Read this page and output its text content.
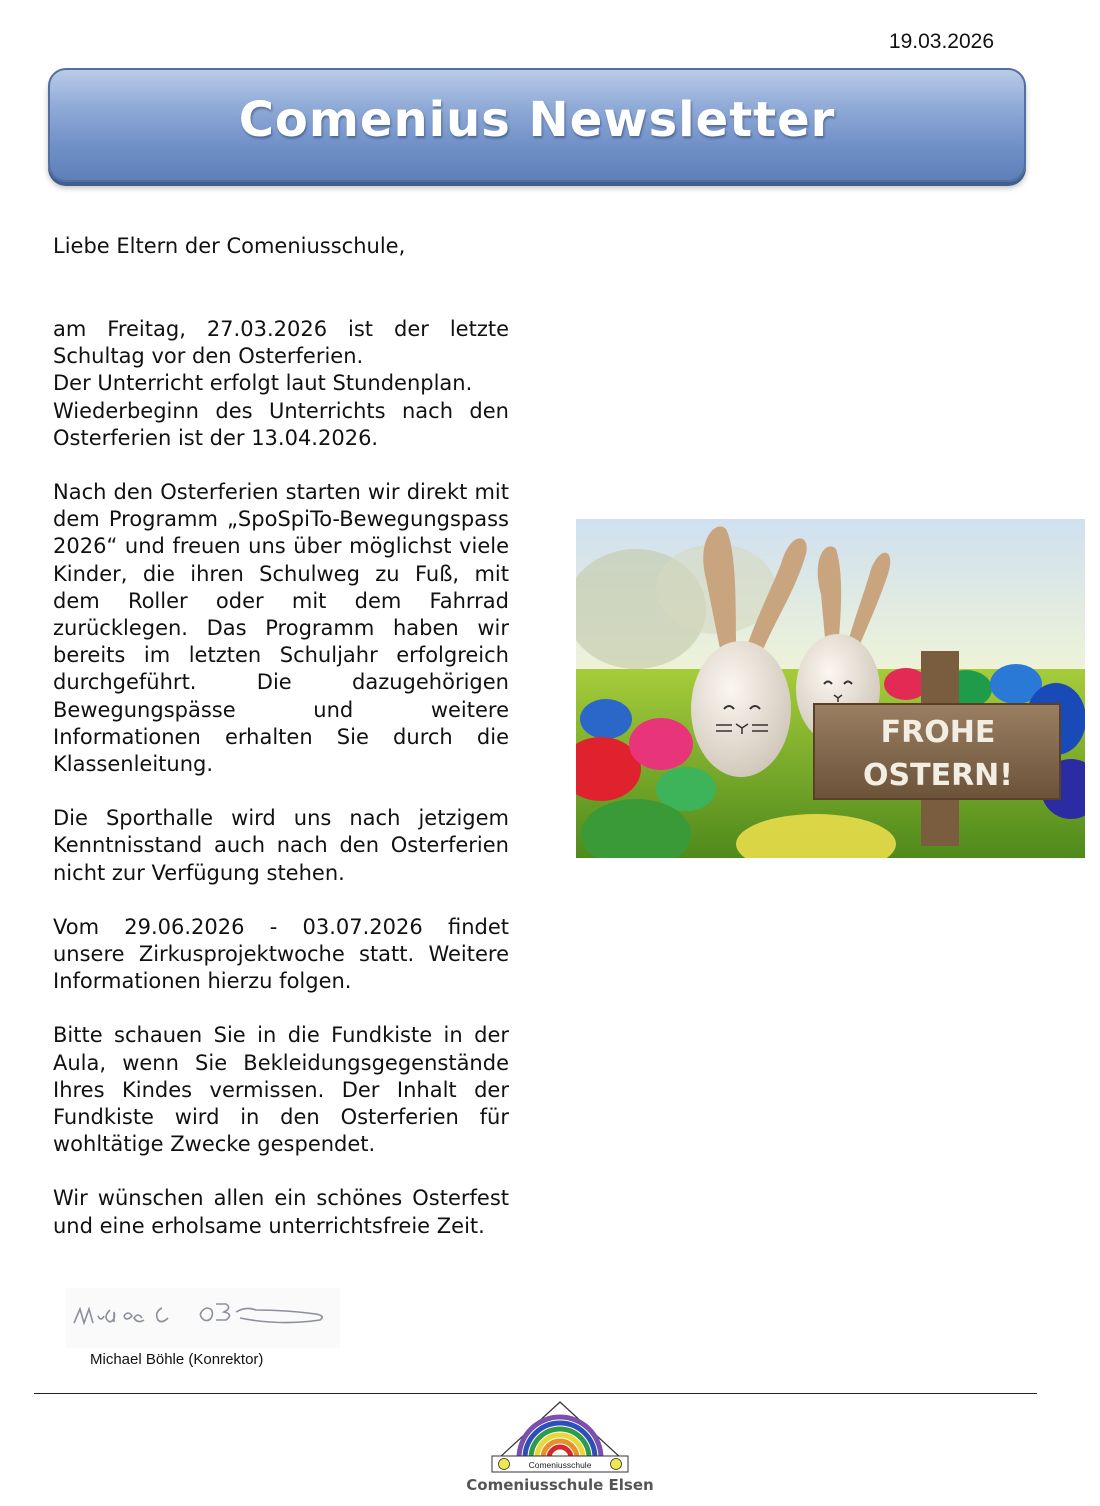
19.03.2026
Comenius Newsletter
Liebe Eltern der Comeniusschule,

am Freitag, 27.03.2026 ist der letzte Schultag vor den Osterferien.
Der Unterricht erfolgt laut Stundenplan.
Wiederbeginn des Unterrichts nach den Osterferien ist der 13.04.2026.

Nach den Osterferien starten wir direkt mit dem Programm „SpoSpiTo-Bewegungspass 2026“ und freuen uns über möglichst viele Kinder, die ihren Schulweg zu Fuß, mit dem Roller oder mit dem Fahrrad zurücklegen. Das Programm haben wir bereits im letzten Schuljahr erfolgreich durchgeführt. Die dazugehörigen Bewegungspässe und weitere Informationen erhalten Sie durch die Klassenleitung.

Die Sporthalle wird uns nach jetzigem Kenntnisstand auch nach den Osterferien nicht zur Verfügung stehen.

Vom 29.06.2026 - 03.07.2026 findet unsere Zirkusprojektwoche statt. Weitere Informationen hierzu folgen.

Bitte schauen Sie in die Fundkiste in der Aula, wenn Sie Bekleidungsgegenstände Ihres Kindes vermissen. Der Inhalt der Fundkiste wird in den Osterferien für wohltätige Zwecke gespendet.

Wir wünschen allen ein schönes Osterfest und eine erholsame unterrichtsfreie Zeit.

FROHE
OSTERN!
Michael Böhle (Konrektor)
Comeniusschule
Comeniusschule Elsen
